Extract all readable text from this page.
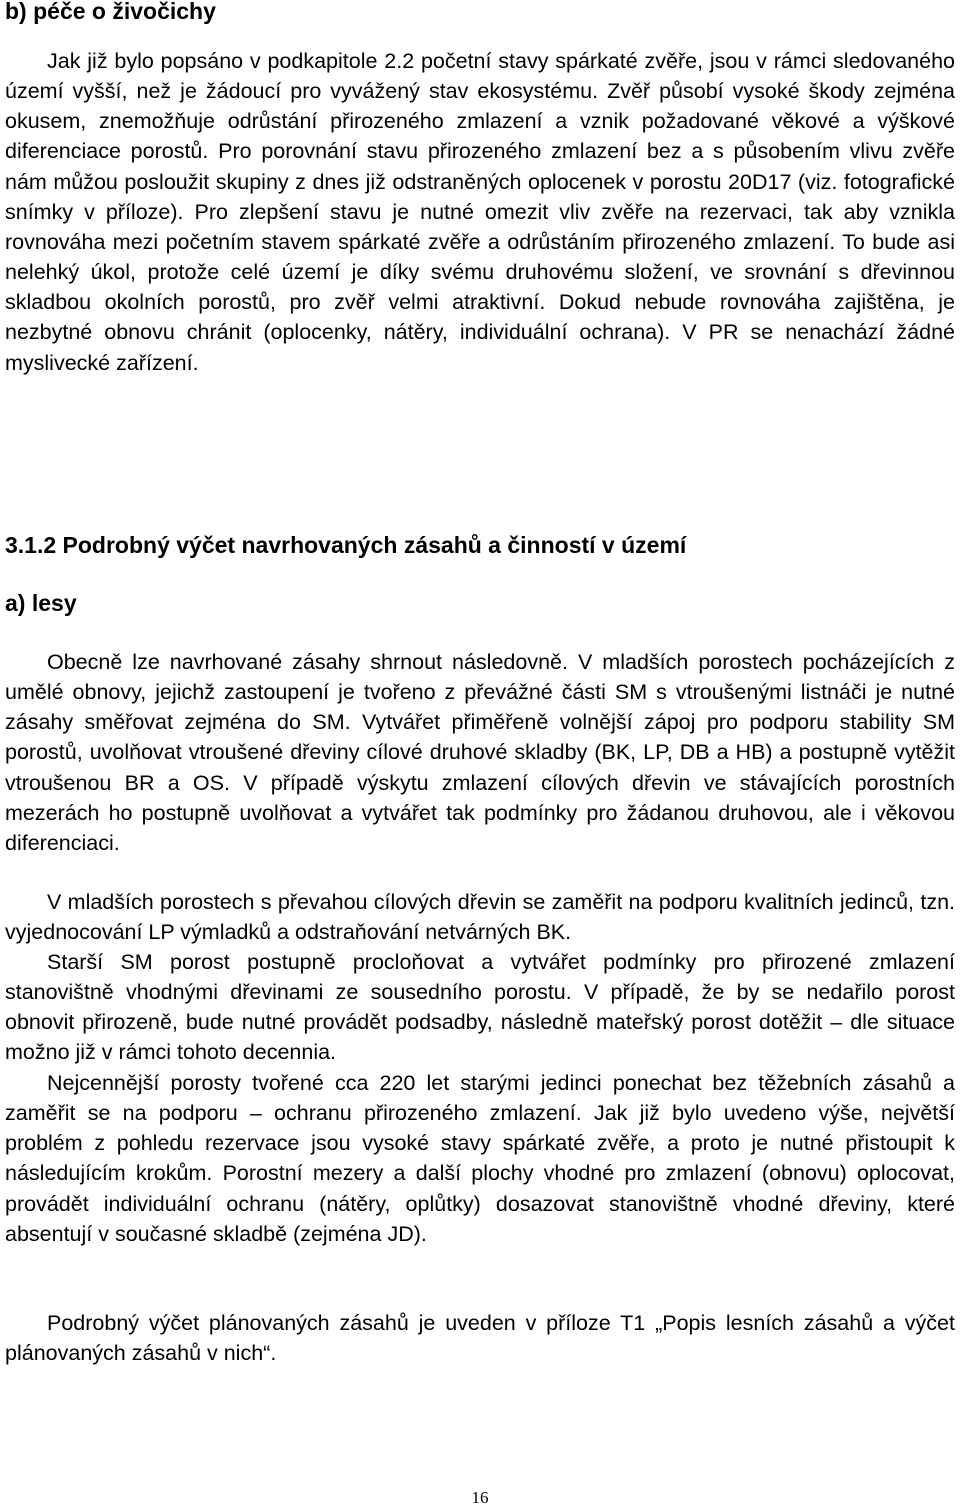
b) péče o živočichy

Jak již bylo popsáno v podkapitole 2.2 početní stavy spárkaté zvěře, jsou v rámci sledovaného území vyšší, než je žádoucí pro vyvážený stav ekosystému. Zvěř působí vysoké škody zejména okusem, znemožňuje odrůstání přirozeného zmlazení a vznik požadované věkové a výškové diferenciace porostů. Pro porovnání stavu přirozeného zmlazení bez a s působením vlivu zvěře nám můžou posloužit skupiny z dnes již odstraněných oplocenek v porostu 20D17 (viz. fotografické snímky v příloze). Pro zlepšení stavu je nutné omezit vliv zvěře na rezervaci, tak aby vznikla rovnováha mezi početním stavem spárkaté zvěře a odrůstáním přirozeného zmlazení. To bude asi nelehký úkol, protože celé území je díky svému druhovému složení, ve srovnání s dřevinnou skladbou okolních porostů, pro zvěř velmi atraktivní. Dokud nebude rovnováha zajištěna, je nezbytné obnovu chránit (oplocenky, nátěry, individuální ochrana). V PR se nenachází žádné myslivecké zařízení.

3.1.2 Podrobný výčet navrhovaných zásahů a činností v území
a) lesy

Obecně lze navrhované zásahy shrnout následovně. V mladších porostech pocházejících z umělé obnovy, jejichž zastoupení je tvořeno z převážné části SM s vtroušenými listnáči je nutné zásahy směřovat zejména do SM. Vytvářet přiměřeně volnější zápoj pro podporu stability SM porostů, uvolňovat vtroušené dřeviny cílové druhové skladby (BK, LP, DB a HB) a postupně vytěžit vtroušenou BR a OS. V případě výskytu zmlazení cílových dřevin ve stávajících porostních mezerách ho postupně uvolňovat a vytvářet tak podmínky pro žádanou druhovou, ale i věkovou diferenciaci.

V mladších porostech s převahou cílových dřevin se zaměřit na podporu kvalitních jedinců, tzn. vyjednocování LP výmladků a odstraňování netvárných BK.

Starší SM porost postupně procloňovat a vytvářet podmínky pro přirozené zmlazení stanovištně vhodnými dřevinami ze sousedního porostu. V případě, že by se nedařilo porost obnovit přirozeně, bude nutné provádět podsadby, následně mateřský porost dotěžit – dle situace možno již v rámci tohoto decennia.

Nejcennější porosty tvořené cca 220 let starými jedinci ponechat bez těžebních zásahů a zaměřit se na podporu – ochranu přirozeného zmlazení. Jak již bylo uvedeno výše, největší problém z pohledu rezervace jsou vysoké stavy spárkaté zvěře, a proto je nutné přistoupit k následujícím krokům. Porostní mezery a další plochy vhodné pro zmlazení (obnovu) oplocovat, provádět individuální ochranu (nátěry, oplůtky) dosazovat stanovištně vhodné dřeviny, které absentují v současné skladbě (zejména JD).

Podrobný výčet plánovaných zásahů je uveden v příloze T1 „Popis lesních zásahů a výčet plánovaných zásahů v nich“.

16
